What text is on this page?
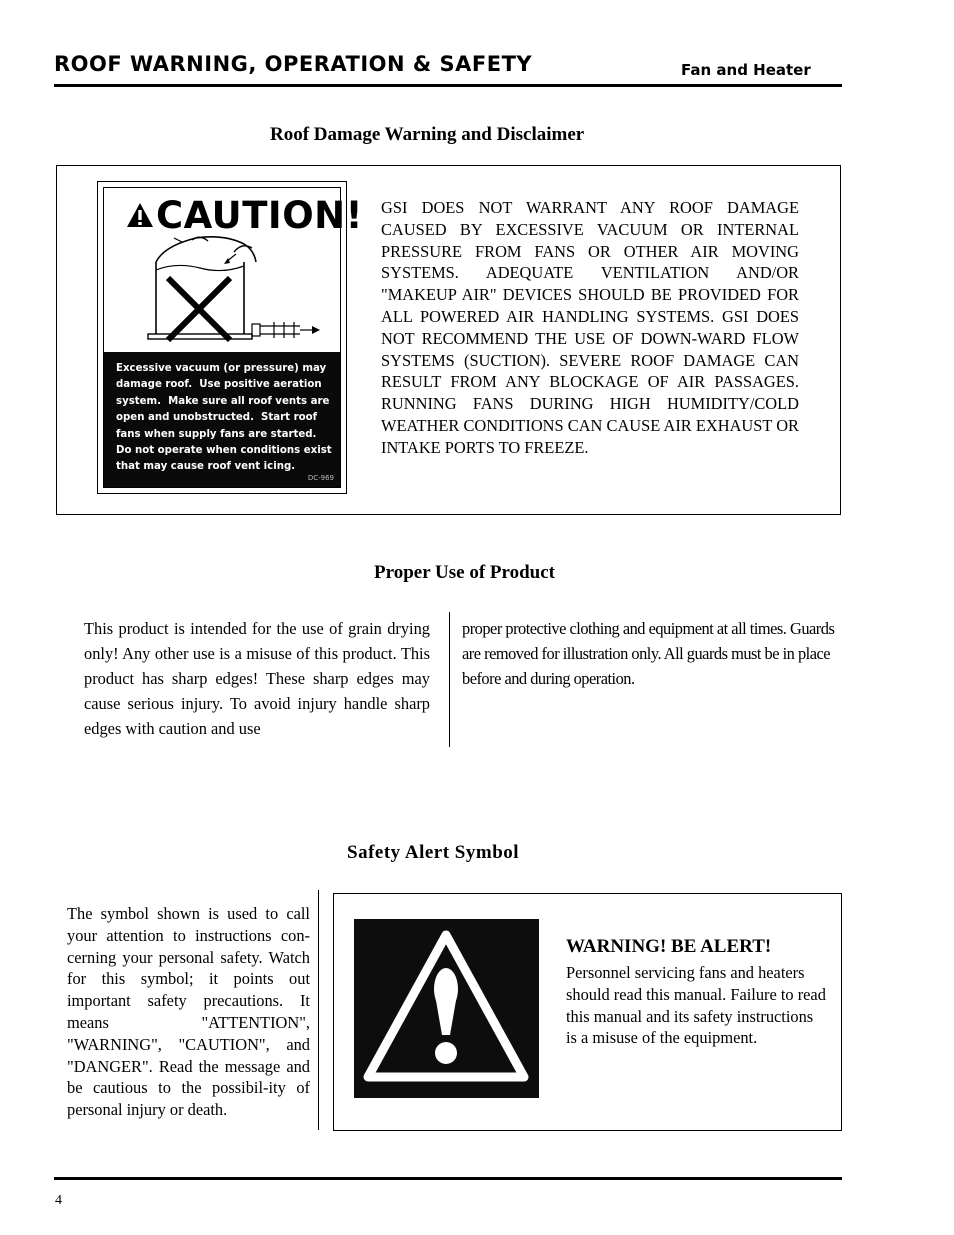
ROOF WARNING, OPERATION & SAFETY	Fan and Heater
Roof Damage Warning and Disclaimer
CAUTION!
Excessive vacuum (or pressure) may
damage roof.  Use positive aeration
system.  Make sure all roof vents are
open and unobstructed.  Start roof
fans when supply fans are started.
Do not operate when conditions exist
that may cause roof vent icing.
DC-969
GSI DOES NOT WARRANT ANY ROOF DAMAGE CAUSED BY EXCESSIVE VACUUM OR INTERNAL PRESSURE FROM FANS OR OTHER AIR MOVING SYSTEMS. ADEQUATE VENTILATION AND/OR "MAKEUP AIR" DEVICES SHOULD BE PROVIDED FOR ALL POWERED AIR HANDLING SYSTEMS. GSI DOES NOT RECOMMEND THE USE OF DOWN-WARD FLOW SYSTEMS (SUCTION). SEVERE ROOF DAMAGE CAN RESULT FROM ANY BLOCKAGE OF AIR PASSAGES. RUNNING FANS DURING HIGH HUMIDITY/COLD WEATHER CONDITIONS CAN CAUSE AIR EXHAUST OR INTAKE PORTS TO FREEZE.
Proper Use of Product
This product is intended for the use of grain drying only! Any other use is a misuse of this product. This product has sharp edges! These sharp edges may cause serious injury. To avoid injury handle sharp edges with caution and use
proper protective clothing and equipment at all times. Guards are removed for illustration only. All guards must be in place before and during operation.
Safety Alert Symbol
The symbol shown is used to call your attention to instructions con-cerning your personal safety. Watch for this symbol; it points out important safety precautions. It means "ATTENTION", "WARNING", "CAUTION", and "DANGER". Read the message and be cautious to the possibil-ity of personal injury or death.
WARNING! BE ALERT!
Personnel servicing fans and heaters should read this manual. Failure to read this manual and its safety instructions is a misuse of the equipment.
4
